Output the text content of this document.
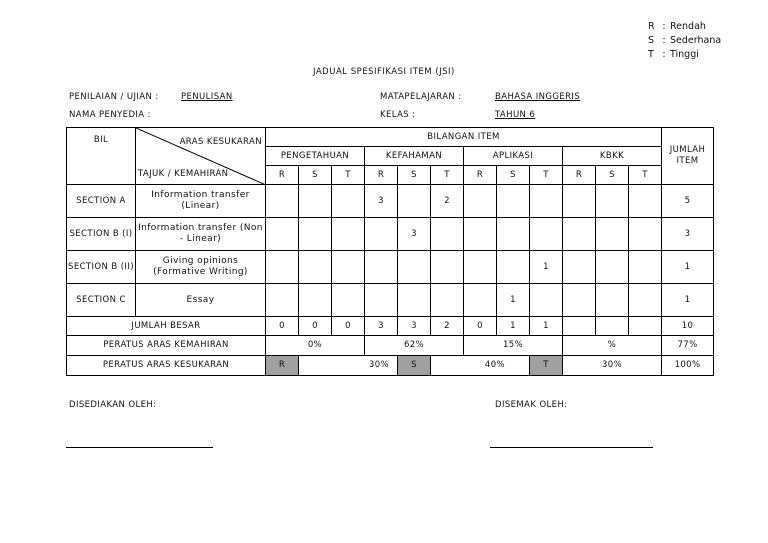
R : Rendah
S : Sederhana
T : Tinggi
JADUAL SPESIFIKASI ITEM (JSI)
PENILAIAN / UJIAN :	PENULISAN
NAMA PENYEDIA :
MATAPELAJARAN :	BAHASA INGGERIS
KELAS :	TAHUN 6
BIL	ARAS KESUKARAN
TAJUK / KEMAHIRAN	BILANGAN ITEM												JUMLAH ITEM
		PENGETAHUAN			KEFAHAMAN			APLIKASI			KBKK			
		R	S	T	R	S	T	R	S	T	R	S	T	
SECTION A	Information transfer (Linear)				3		2							5
SECTION B (I)	Information transfer (Non - Linear)					3								3
SECTION B (II)	Giving opinions (Formative Writing)									1				1
SECTION C	Essay								1					1
JUMLAH BESAR		0	0	0	3	3	2	0	1	1				10
PERATUS ARAS KEMAHIRAN		0%			62%			15%			%			77%
PERATUS ARAS KESUKARAN		R	30%			S	40%			T	30%			100%
DISEDIAKAN OLEH:	DISEMAK OLEH:
